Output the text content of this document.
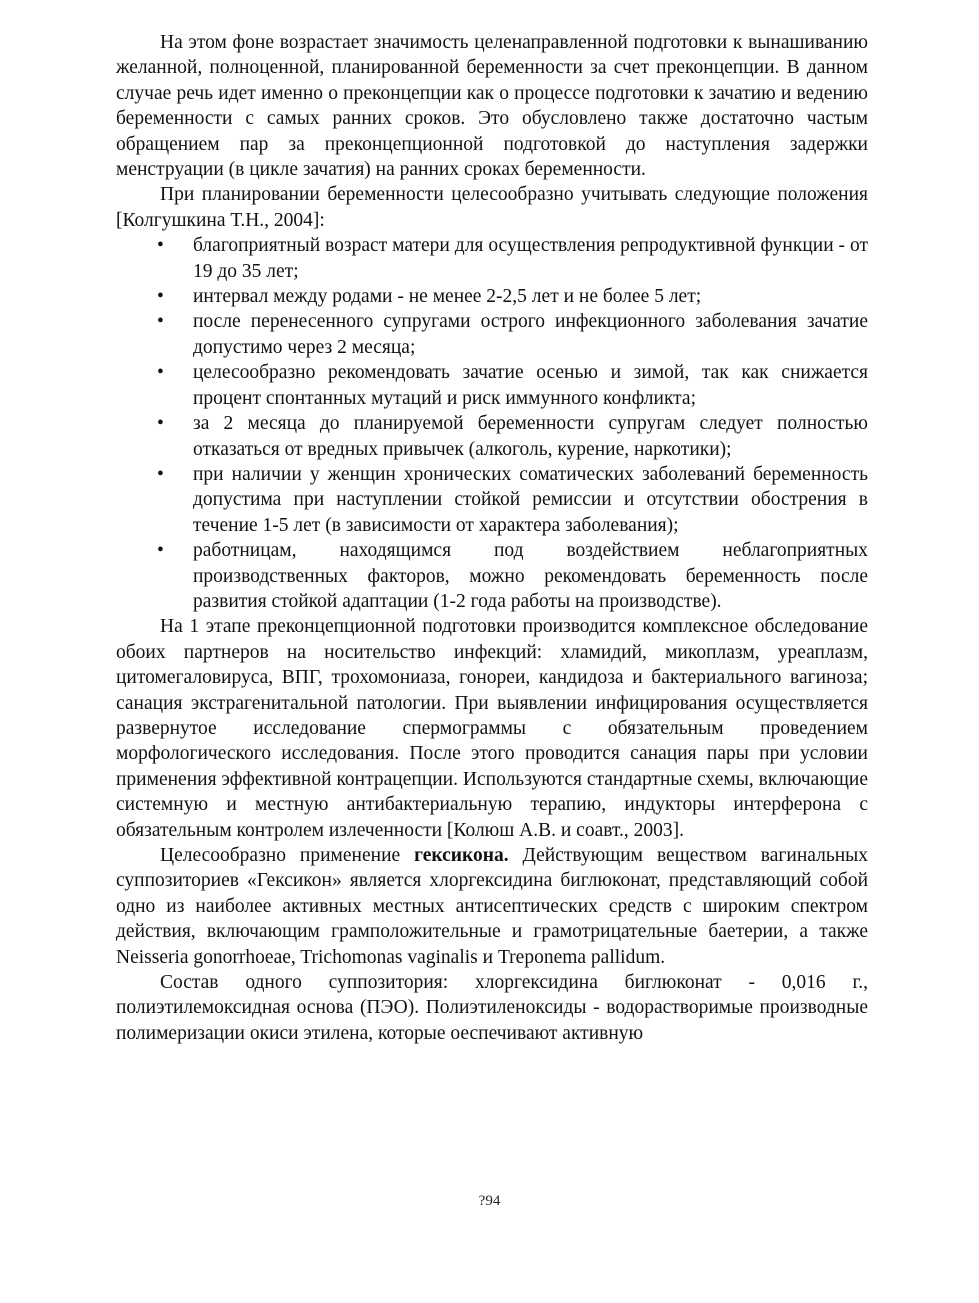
На этом фоне возрастает значимость целенаправленной подготовки к вынашиванию желанной, полноценной, планированной беременности за счет преконцепции. В данном случае речь идет именно о преконцепции как о процессе подготовки к зачатию и ведению беременности с самых ранних сроков. Это обусловлено также достаточно частым обращением пар за преконцепционной подготовкой до наступления задержки менструации (в цикле зачатия) на ранних сроках беременности.

При планировании беременности целесообразно учитывать следующие положения [Колгушкина Т.Н., 2004]:

• благоприятный возраст матери для осуществления репродуктивной функции - от 19 до 35 лет;
• интервал между родами - не менее 2-2,5 лет и не более 5 лет;
• после перенесенного супругами острого инфекционного заболевания зачатие допустимо через 2 месяца;
• целесообразно рекомендовать зачатие осенью и зимой, так как снижается процент спонтанных мутаций и риск иммунного конфликта;
• за 2 месяца до планируемой беременности супругам следует полностью отказаться от вредных привычек (алкоголь, курение, наркотики);
• при наличии у женщин хронических соматических заболеваний беременность допустима при наступлении стойкой ремиссии и отсутствии обострения в течение 1-5 лет (в зависимости от характера заболевания);
• работницам, находящимся под воздействием неблагоприятных производственных факторов, можно рекомендовать беременность после развития стойкой адаптации (1-2 года работы на производстве).

На 1 этапе преконцепционной подготовки производится комплексное обследование обоих партнеров на носительство инфекций: хламидий, микоплазм, уреаплазм, цитомегаловируса, ВПГ, трохомониаза, гонореи, кандидоза и бактериального вагиноза; санация экстрагенитальной патологии. При выявлении инфицирования осуществляется развернутое исследование спермограммы с обязательным проведением морфологического исследования. После этого проводится санация пары при условии применения эффективной контрацепции. Используются стандартные схемы, включающие системную и местную антибактериальную терапию, индукторы интерферона с обязательным контролем излеченности [Колюш А.В. и соавт., 2003].

Целесообразно применение гексикона. Действующим веществом вагинальных суппозиториев «Гексикон» является хлоргексидина биглюконат, представляющий собой одно из наиболее активных местных антисептических средств с широким спектром действия, включающим грамположительные и грамотрицательные баетерии, а также Neisseria gonorrhoeae, Trichomonas vaginalis и Treponema pallidum.

Состав одного суппозитория: хлоргексидина биглюконат - 0,016 г., полиэтилемоксидная основа (ПЭО). Полиэтиленоксиды - водорастворимые производные полимеризации окиси этилена, которые оеспечивают активную

?94
